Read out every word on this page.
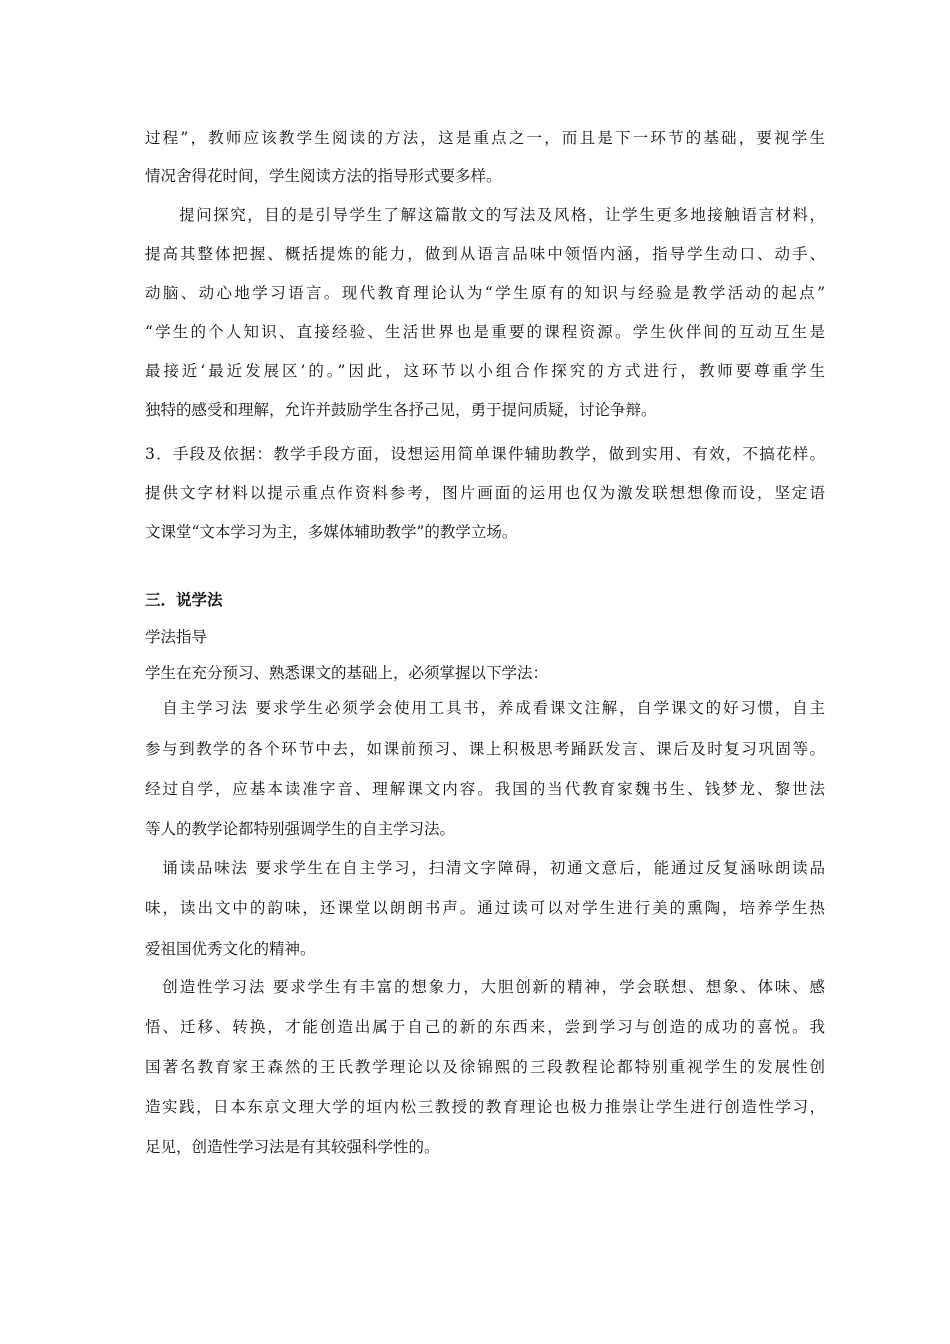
过程”，教师应该教学生阅读的方法，这是重点之一，而且是下一环节的基础，要视学生
情况舍得花时间，学生阅读方法的指导形式要多样。
　　提问探究，目的是引导学生了解这篇散文的写法及风格，让学生更多地接触语言材料，
提高其整体把握、概括提炼的能力，做到从语言品味中领悟内涵，指导学生动口、动手、
动脑、动心地学习语言。现代教育理论认为“学生原有的知识与经验是教学活动的起点”
“学生的个人知识、直接经验、生活世界也是重要的课程资源。学生伙伴间的互动互生是
最接近‘最近发展区’的。”因此，这环节以小组合作探究的方式进行，教师要尊重学生
独特的感受和理解，允许并鼓励学生各抒己见，勇于提问质疑，讨论争辩。
3．手段及依据：教学手段方面，设想运用简单课件辅助教学，做到实用、有效，不搞花样。
提供文字材料以提示重点作资料参考，图片画面的运用也仅为激发联想想像而设，坚定语
文课堂“文本学习为主，多媒体辅助教学”的教学立场。
三．说学法
学法指导
学生在充分预习、熟悉课文的基础上，必须掌握以下学法：
　自主学习法 要求学生必须学会使用工具书，养成看课文注解，自学课文的好习惯，自主
参与到教学的各个环节中去，如课前预习、课上积极思考踊跃发言、课后及时复习巩固等。
经过自学，应基本读准字音、理解课文内容。我国的当代教育家魏书生、钱梦龙、黎世法
等人的教学论都特别强调学生的自主学习法。
　诵读品味法 要求学生在自主学习，扫清文字障碍，初通文意后，能通过反复涵咏朗读品
味，读出文中的韵味，还课堂以朗朗书声。通过读可以对学生进行美的熏陶，培养学生热
爱祖国优秀文化的精神。
　创造性学习法 要求学生有丰富的想象力，大胆创新的精神，学会联想、想象、体味、感
悟、迁移、转换，才能创造出属于自己的新的东西来，尝到学习与创造的成功的喜悦。我
国著名教育家王森然的王氏教学理论以及徐锦熙的三段教程论都特别重视学生的发展性创
造实践，日本东京文理大学的垣内松三教授的教育理论也极力推崇让学生进行创造性学习，
足见，创造性学习法是有其较强科学性的。
